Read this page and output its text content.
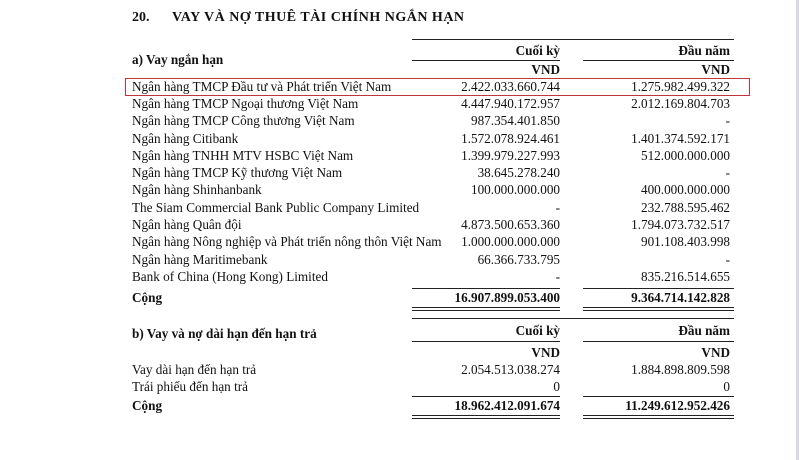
20. VAY VÀ NỢ THUÊ TÀI CHÍNH NGẮN HẠN
a) Vay ngắn hạn
Cuối kỳ	Đầu năm
VND	VND
Ngân hàng TMCP Đầu tư và Phát triển Việt Nam	2.422.033.660.744	1.275.982.499.322
Ngân hàng TMCP Ngoại thương Việt Nam	4.447.940.172.957	2.012.169.804.703
Ngân hàng TMCP Công thương Việt Nam	987.354.401.850	-
Ngân hàng Citibank	1.572.078.924.461	1.401.374.592.171
Ngân hàng TNHH MTV HSBC Việt Nam	1.399.979.227.993	512.000.000.000
Ngân hàng TMCP Kỹ thương Việt Nam	38.645.278.240	-
Ngân hàng Shinhanbank	100.000.000.000	400.000.000.000
The Siam Commercial Bank Public Company Limited	-	232.788.595.462
Ngân hàng Quân đội	4.873.500.653.360	1.794.073.732.517
Ngân hàng Nông nghiệp và Phát triển nông thôn Việt Nam	1.000.000.000.000	901.108.403.998
Ngân hàng Maritimebank	66.366.733.795	-
Bank of China (Hong Kong) Limited	-	835.216.514.655
Cộng	16.907.899.053.400	9.364.714.142.828
b) Vay và nợ dài hạn đến hạn trả	Cuối kỳ	Đầu năm
VND	VND
Vay dài hạn đến hạn trả	2.054.513.038.274	1.884.898.809.598
Trái phiếu đến hạn trả	0	0
Cộng	18.962.412.091.674	11.249.612.952.426
